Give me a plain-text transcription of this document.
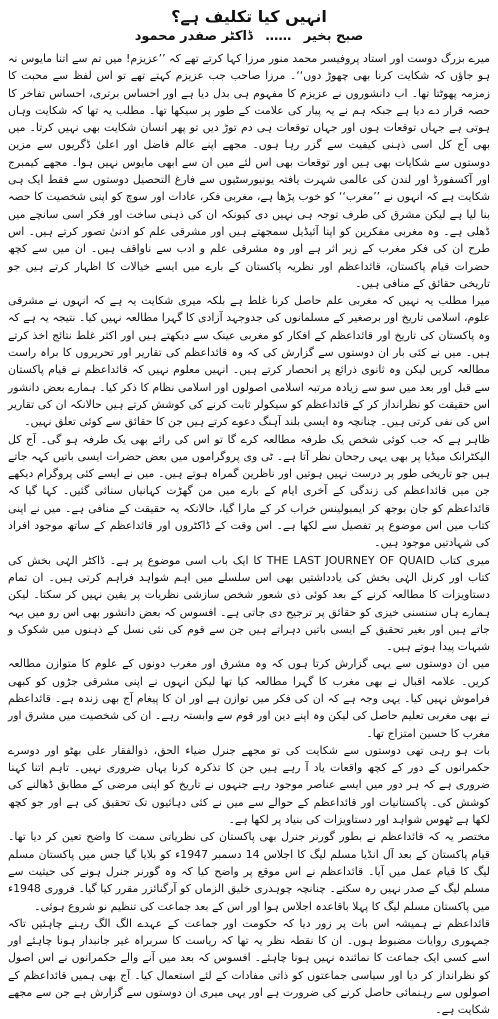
انہیں کیا تکلیف ہے؟
صبح بخیر …… ڈاکٹر صفدر محمود

میرے بزرگ دوست اور استاد پروفیسر محمد منور مرزا کہا کرتے تھے کہ ’’عزیزم! میں تم سے اتنا مایوس نہ ہو جاؤں کہ شکایت کرنا بھی چھوڑ دوں‘‘۔ مرزا صاحب جب عزیزم کہتے تھے تو اس لفظ سے محبت کا زمزمہ پھوٹتا تھا۔ اب دانشوروں نے عزیزم کا مفہوم ہی بدل دیا ہے اور احساس برتری، احساس تفاخر کا حصہ قرار دے دیا ہے جبکہ ہم نے یہ پیار کی علامت کے طور پر سیکھا تھا۔ مطلب یہ تھا کہ شکایت وہاں ہوتی ہے جہاں توقعات ہوں اور جہاں توقعات ہی دم توڑ دیں تو پھر انسان شکایت بھی نہیں کرتا۔ میں بھی آج کل اسی ذہنی کیفیت سے گزر رہا ہوں۔ مجھے اپنے عالم فاضل اور اعلیٰ ڈگریوں سے مزین دوستوں سے شکایات بھی ہیں اور توقعات بھی اس لئے میں ان سے ابھی مایوس نہیں ہوا۔ مجھے کیمبرج اور آکسفورڈ اور لندن کی عالمی شہرت یافتہ یونیورسٹیوں سے فارغ التحصیل دوستوں سے فقط ایک ہی شکایت ہے کہ انہوں نے ’’مغرب‘‘ کو خوب پڑھا ہے، مغربی فکر، عادات اور سوچ کو اپنی شخصیت کا حصہ بنا لیا ہے لیکن مشرق کی طرف توجہ ہی نہیں دی کیونکہ ان کی ذہنی ساخت اور فکر اسی سانچے میں ڈھلی ہے۔ وہ مغربی مفکرین کو اپنا آئیڈیل سمجھتے ہیں اور مشرقی علم کو ادنیٰ تصور کرتے ہیں۔ اس طرح ان کی فکر مغرب کے زیر اثر ہے اور وہ مشرقی علم و ادب سے ناواقف ہیں۔ ان میں سے کچھ حضرات قیام پاکستان، قائداعظم اور نظریہ پاکستان کے بارے میں ایسے خیالات کا اظہار کرتے ہیں جو تاریخی حقائق کے منافی ہیں۔

میرا مطلب یہ نہیں کہ مغربی علم حاصل کرنا غلط ہے بلکہ میری شکایت یہ ہے کہ انہوں نے مشرقی علوم، اسلامی تاریخ اور برصغیر کے مسلمانوں کی جدوجہد آزادی کا گہرا مطالعہ نہیں کیا۔ نتیجہ یہ ہے کہ وہ پاکستان کی تاریخ اور قائداعظم کے افکار کو مغربی عینک سے دیکھتے ہیں اور اکثر غلط نتائج اخذ کرتے ہیں۔ میں نے کئی بار ان دوستوں سے گزارش کی کہ وہ قائداعظم کی تقاریر اور تحریروں کا براہ راست مطالعہ کریں لیکن وہ ثانوی ذرائع پر انحصار کرتے ہیں۔ انہیں معلوم نہیں کہ قائداعظم نے قیام پاکستان سے قبل اور بعد میں سو سے زیادہ مرتبہ اسلامی اصولوں اور اسلامی نظام کا ذکر کیا۔ ہمارے بعض دانشور اس حقیقت کو نظرانداز کر کے قائداعظم کو سیکولر ثابت کرنے کی کوشش کرتے ہیں حالانکہ ان کی تقاریر اس کی نفی کرتی ہیں۔ چنانچہ وہ ایسی بلند آہنگ دعوے کرتے ہیں جن کا حقائق سے کوئی تعلق نہیں۔

ظاہر ہے کہ جب کوئی شخص یک طرفہ مطالعہ کرے گا تو اس کی رائے بھی یک طرفہ ہو گی۔ آج کل الیکٹرانک میڈیا پر بھی یہی رجحان نظر آتا ہے۔ ٹی وی پروگراموں میں بعض حضرات ایسی باتیں کہہ جاتے ہیں جو تاریخی طور پر درست نہیں ہوتیں اور ناظرین گمراہ ہوتے ہیں۔ میں نے ایسے کئی پروگرام دیکھے جن میں قائداعظم کی زندگی کے آخری ایام کے بارے میں من گھڑت کہانیاں سنائی گئیں۔ کہا گیا کہ قائداعظم کو جان بوجھ کر ایمبولینس خراب کر کے مارا گیا، حالانکہ یہ حقیقت کے منافی ہے۔ میں نے اپنی کتاب میں اس موضوع پر تفصیل سے لکھا ہے۔ اس وقت کے ڈاکٹروں اور قائداعظم کے ساتھ موجود افراد کی شہادتیں موجود ہیں۔

میری کتاب THE LAST JOURNEY OF QUAID کا ایک باب اسی موضوع پر ہے۔ ڈاکٹر الہٰی بخش کی کتاب اور کرنل الہٰی بخش کی یادداشتیں بھی اس سلسلے میں اہم شواہد فراہم کرتی ہیں۔ ان تمام دستاویزات کا مطالعہ کرنے کے بعد کوئی ذی شعور شخص سازشی نظریات پر یقین نہیں کر سکتا۔ لیکن ہمارے ہاں سنسنی خیزی کو حقائق پر ترجیح دی جاتی ہے۔ افسوس کہ بعض دانشور بھی اس رو میں بہہ جاتے ہیں اور بغیر تحقیق کے ایسی باتیں دہراتے ہیں جن سے قوم کی نئی نسل کے ذہنوں میں شکوک و شبہات پیدا ہوتے ہیں۔

میں ان دوستوں سے یہی گزارش کرتا ہوں کہ وہ مشرق اور مغرب دونوں کے علوم کا متوازن مطالعہ کریں۔ علامہ اقبال نے بھی مغرب کا گہرا مطالعہ کیا تھا لیکن انہوں نے اپنی مشرقی جڑوں کو کبھی فراموش نہیں کیا۔ یہی وجہ ہے کہ ان کی فکر میں توازن ہے اور ان کا پیغام آج بھی زندہ ہے۔ قائداعظم نے بھی مغربی تعلیم حاصل کی لیکن وہ اپنے دین اور قوم سے وابستہ رہے۔ ان کی شخصیت میں مشرق اور مغرب کا حسین امتزاج تھا۔

بات ہو رہی تھی دوستوں سے شکایت کی تو مجھے جنرل ضیاء الحق، ذوالفقار علی بھٹو اور دوسرے حکمرانوں کے دور کے کچھ واقعات یاد آ رہے ہیں جن کا تذکرہ کرنا یہاں ضروری نہیں۔ تاہم اتنا کہنا ضروری ہے کہ ہر دور میں ایسے عناصر موجود رہے جنہوں نے تاریخ کو اپنی مرضی کے مطابق ڈھالنے کی کوشش کی۔ پاکستانیات اور قائداعظم کے حوالے سے میں نے کئی دہائیوں تک تحقیق کی ہے اور جو کچھ لکھا ہے ٹھوس شواہد اور دستاویزات کی بنیاد پر لکھا ہے۔

مختصر یہ کہ قائداعظم نے بطور گورنر جنرل بھی پاکستان کی نظریاتی سمت کا واضح تعین کر دیا تھا۔ قیام پاکستان کے بعد آل انڈیا مسلم لیگ کا اجلاس 14 دسمبر 1947ء کو بلایا گیا جس میں پاکستان مسلم لیگ کا قیام عمل میں آیا۔ قائداعظم نے اس موقع پر واضح کیا کہ وہ گورنر جنرل ہونے کی حیثیت سے مسلم لیگ کے صدر نہیں رہ سکتے۔ چنانچہ چوہدری خلیق الزماں کو آرگنائزر مقرر کیا گیا۔ فروری 1948ء میں پاکستان مسلم لیگ کا پہلا باقاعدہ اجلاس ہوا اور اس کے بعد جماعت کی تنظیم نو شروع ہوئی۔

قائداعظم نے ہمیشہ اس بات پر زور دیا کہ حکومت اور جماعت کے عہدے الگ الگ رہنے چاہئیں تاکہ جمہوری روایات مضبوط ہوں۔ ان کا نقطہ نظر یہ تھا کہ ریاست کا سربراہ غیر جانبدار ہونا چاہئے اور اسے کسی ایک جماعت کا نمائندہ نہیں ہونا چاہئے۔ افسوس کہ بعد میں آنے والے حکمرانوں نے اس اصول کو نظرانداز کر دیا اور سیاسی جماعتوں کو ذاتی مفادات کے لئے استعمال کیا۔ آج بھی ہمیں قائداعظم کے اصولوں سے رہنمائی حاصل کرنے کی ضرورت ہے اور یہی میری ان دوستوں سے گزارش ہے جن سے مجھے شکایت ہے۔
